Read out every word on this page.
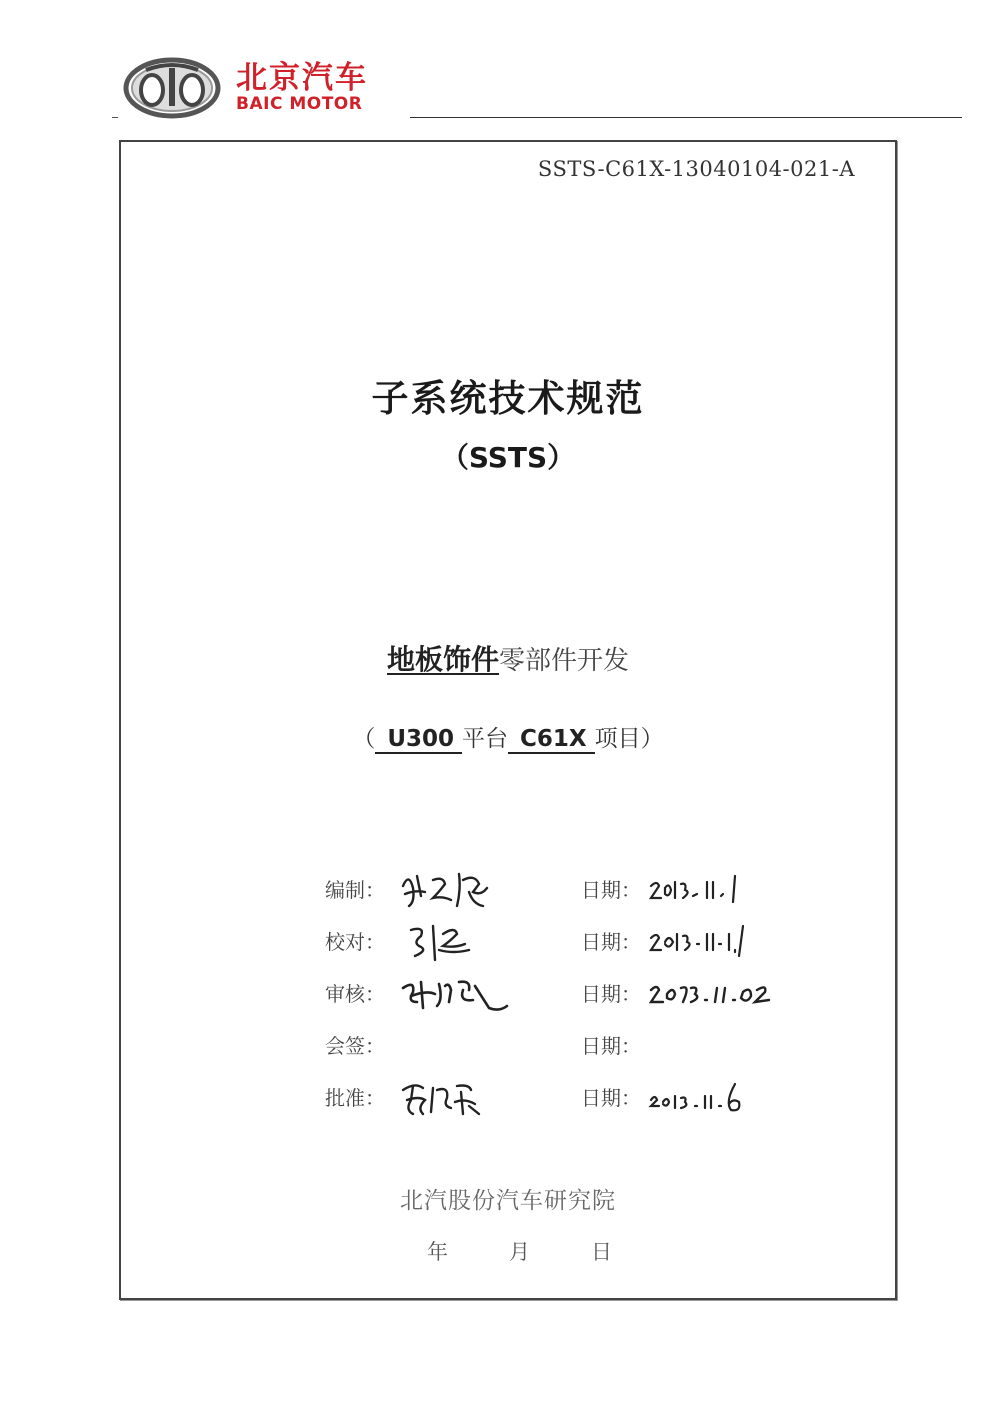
北京汽车
BAIC MOTOR
SSTS-C61X-13040104-021-A
子系统技术规范
（SSTS）
地板饰件零部件开发
（ U300 平台 C61X 项目）
编制：	日期：
校对：	日期：
审核：	日期：
会签：	日期：
批准：	日期：
北汽股份汽车研究院
年	月	日
